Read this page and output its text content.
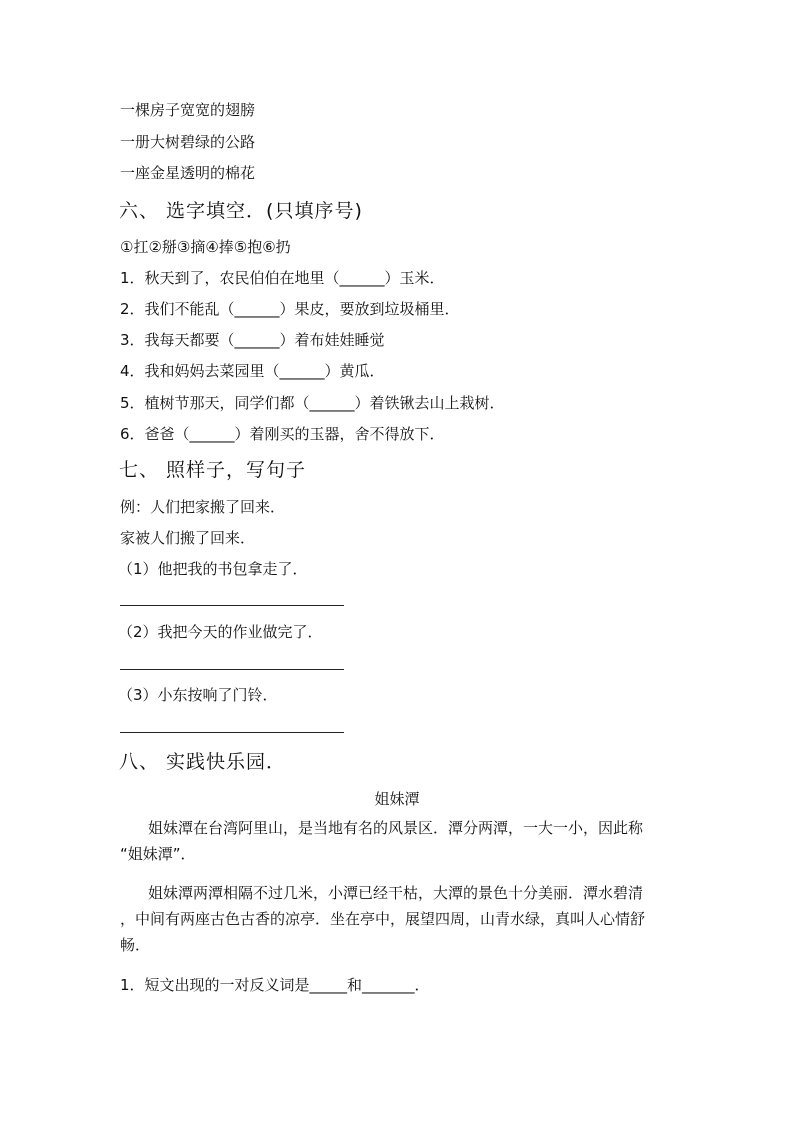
一棵房子宽宽的翅膀
一册大树碧绿的公路
一座金星透明的棉花
六、 选字填空．(只填序号)
①扛②掰③摘④捧⑤抱⑥扔
1．秋天到了，农民伯伯在地里（______）玉米．
2．我们不能乱（______）果皮，要放到垃圾桶里．
3．我每天都要（______）着布娃娃睡觉
4．我和妈妈去菜园里（______）黄瓜．
5．植树节那天，同学们都（______）着铁锹去山上栽树．
6．爸爸（______）着刚买的玉器，舍不得放下．
七、 照样子，写句子
例：人们把家搬了回来．
家被人们搬了回来．
（1）他把我的书包拿走了．
（2）我把今天的作业做完了．
（3）小东按响了门铃．
八、 实践快乐园．
姐妹潭
姐妹潭在台湾阿里山，是当地有名的风景区．潭分两潭，一大一小，因此称
“姐妹潭”．
姐妹潭两潭相隔不过几米，小潭已经干枯，大潭的景色十分美丽．潭水碧清
，中间有两座古色古香的凉亭．坐在亭中，展望四周，山青水绿，真叫人心情舒
畅．
1．短文出现的一对反义词是_____和_______．
